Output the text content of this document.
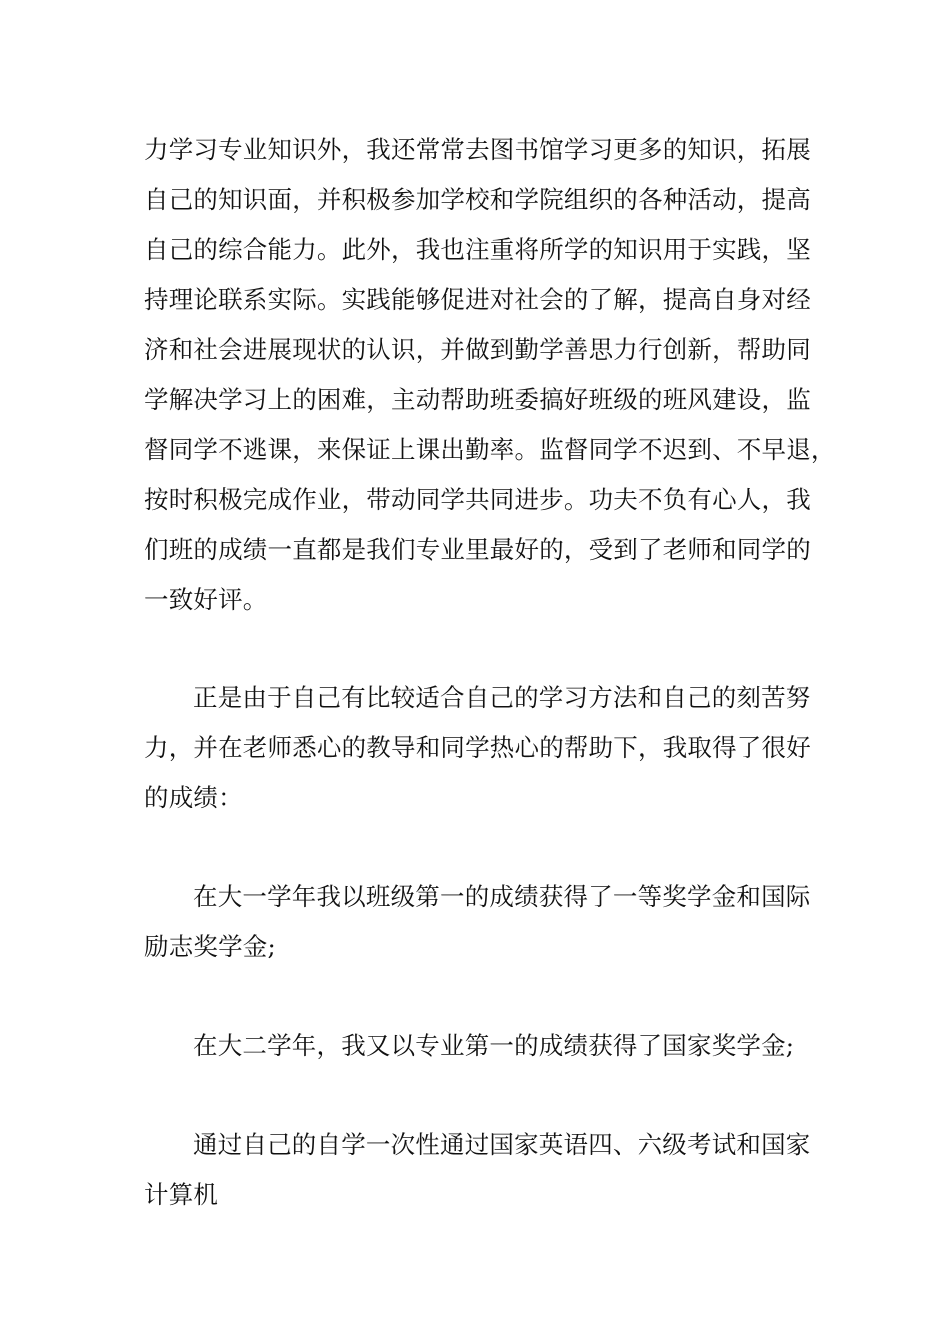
力学习专业知识外，我还常常去图书馆学习更多的知识，拓展
自己的知识面，并积极参加学校和学院组织的各种活动，提高
自己的综合能力。此外，我也注重将所学的知识用于实践，坚
持理论联系实际。实践能够促进对社会的了解，提高自身对经
济和社会进展现状的认识，并做到勤学善思力行创新，帮助同
学解决学习上的困难，主动帮助班委搞好班级的班风建设，监
督同学不逃课，来保证上课出勤率。监督同学不迟到、不早退，
按时积极完成作业，带动同学共同进步。功夫不负有心人，我
们班的成绩一直都是我们专业里最好的，受到了老师和同学的
一致好评。
正是由于自己有比较适合自己的学习方法和自己的刻苦努
力，并在老师悉心的教导和同学热心的帮助下，我取得了很好
的成绩：
在大一学年我以班级第一的成绩获得了一等奖学金和国际
励志奖学金;
在大二学年，我又以专业第一的成绩获得了国家奖学金;
通过自己的自学一次性通过国家英语四、六级考试和国家
计算机
